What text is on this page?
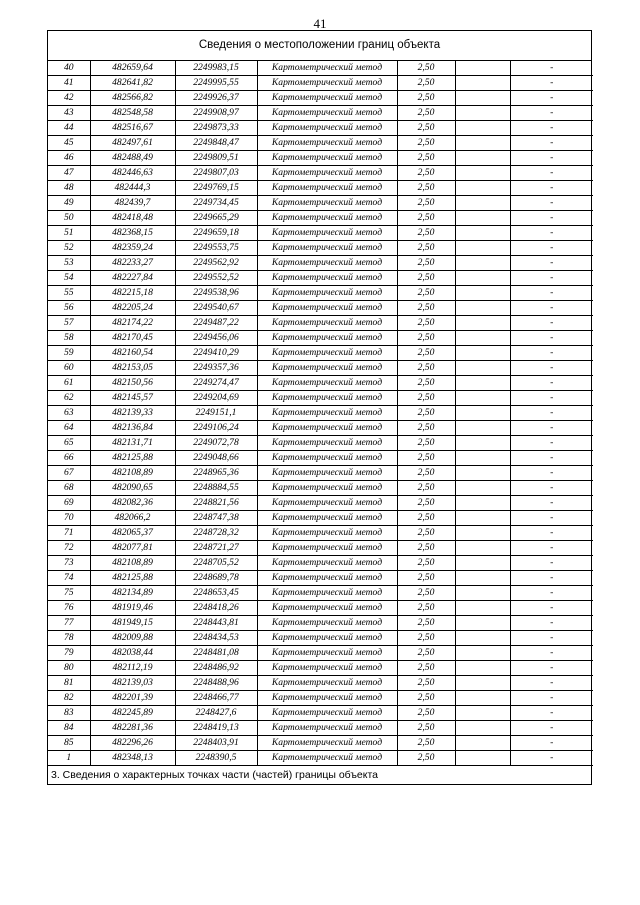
41
Сведения о местоположении границ объекта
40	482659,64	2249983,15	Картометрический метод	2,50		-
41	482641,82	2249995,55	Картометрический метод	2,50		-
42	482566,82	2249926,37	Картометрический метод	2,50		-
43	482548,58	2249908,97	Картометрический метод	2,50		-
44	482516,67	2249873,33	Картометрический метод	2,50		-
45	482497,61	2249848,47	Картометрический метод	2,50		-
46	482488,49	2249809,51	Картометрический метод	2,50		-
47	482446,63	2249807,03	Картометрический метод	2,50		-
48	482444,3	2249769,15	Картометрический метод	2,50		-
49	482439,7	2249734,45	Картометрический метод	2,50		-
50	482418,48	2249665,29	Картометрический метод	2,50		-
51	482368,15	2249659,18	Картометрический метод	2,50		-
52	482359,24	2249553,75	Картометрический метод	2,50		-
53	482233,27	2249562,92	Картометрический метод	2,50		-
54	482227,84	2249552,52	Картометрический метод	2,50		-
55	482215,18	2249538,96	Картометрический метод	2,50		-
56	482205,24	2249540,67	Картометрический метод	2,50		-
57	482174,22	2249487,22	Картометрический метод	2,50		-
58	482170,45	2249456,06	Картометрический метод	2,50		-
59	482160,54	2249410,29	Картометрический метод	2,50		-
60	482153,05	2249357,36	Картометрический метод	2,50		-
61	482150,56	2249274,47	Картометрический метод	2,50		-
62	482145,57	2249204,69	Картометрический метод	2,50		-
63	482139,33	2249151,1	Картометрический метод	2,50		-
64	482136,84	2249106,24	Картометрический метод	2,50		-
65	482131,71	2249072,78	Картометрический метод	2,50		-
66	482125,88	2249048,66	Картометрический метод	2,50		-
67	482108,89	2248965,36	Картометрический метод	2,50		-
68	482090,65	2248884,55	Картометрический метод	2,50		-
69	482082,36	2248821,56	Картометрический метод	2,50		-
70	482066,2	2248747,38	Картометрический метод	2,50		-
71	482065,37	2248728,32	Картометрический метод	2,50		-
72	482077,81	2248721,27	Картометрический метод	2,50		-
73	482108,89	2248705,52	Картометрический метод	2,50		-
74	482125,88	2248689,78	Картометрический метод	2,50		-
75	482134,89	2248653,45	Картометрический метод	2,50		-
76	481919,46	2248418,26	Картометрический метод	2,50		-
77	481949,15	2248443,81	Картометрический метод	2,50		-
78	482009,88	2248434,53	Картометрический метод	2,50		-
79	482038,44	2248481,08	Картометрический метод	2,50		-
80	482112,19	2248486,92	Картометрический метод	2,50		-
81	482139,03	2248488,96	Картометрический метод	2,50		-
82	482201,39	2248466,77	Картометрический метод	2,50		-
83	482245,89	2248427,6	Картометрический метод	2,50		-
84	482281,36	2248419,13	Картометрический метод	2,50		-
85	482296,26	2248403,91	Картометрический метод	2,50		-
1	482348,13	2248390,5	Картометрический метод	2,50		-
3. Сведения о характерных точках части (частей) границы объекта
